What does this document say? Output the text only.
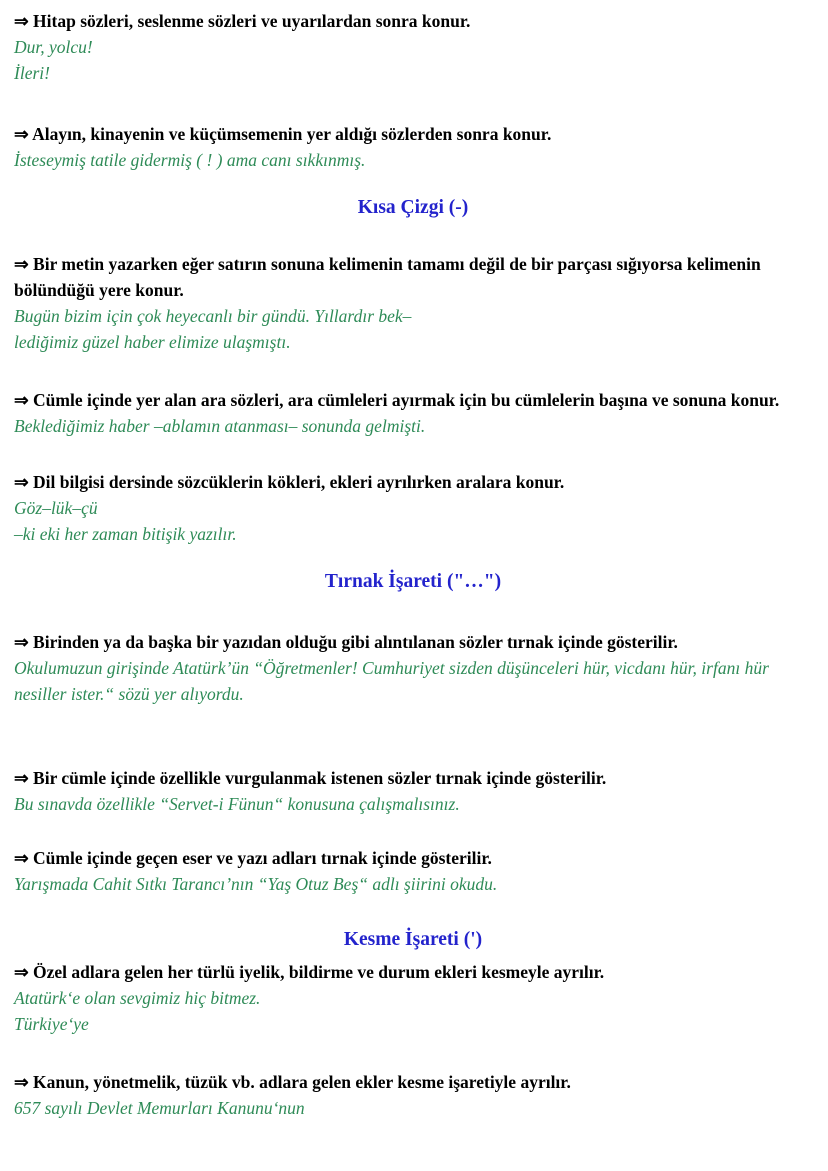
⇒ Hitap sözleri, seslenme sözleri ve uyarılardan sonra konur.

Dur, yolcu!

İleri!

⇒ Alayın, kinayenin ve küçümsemenin yer aldığı sözlerden sonra konur.

İsteseymiş tatile gidermiş ( ! ) ama canı sıkkınmış.

Kısa Çizgi (-)

⇒ Bir metin yazarken eğer satırın sonuna kelimenin tamamı değil de bir parçası sığıyorsa kelimenin bölündüğü yere konur.

Bugün bizim için çok heyecanlı bir gündü. Yıllardır bek–

lediğimiz güzel haber elimize ulaşmıştı.

⇒ Cümle içinde yer alan ara sözleri, ara cümleleri ayırmak için bu cümlelerin başına ve sonuna konur.

Beklediğimiz haber –ablamın atanması– sonunda gelmişti.

⇒ Dil bilgisi dersinde sözcüklerin kökleri, ekleri ayrılırken aralara konur.

Göz–lük–çü

–ki eki her zaman bitişik yazılır.

Tırnak İşareti ("…")

⇒ Birinden ya da başka bir yazıdan olduğu gibi alıntılanan sözler tırnak içinde gösterilir.

Okulumuzun girişinde Atatürk’ün “Öğretmenler! Cumhuriyet sizden düşünceleri hür, vicdanı hür, irfanı hür nesiller ister.“ sözü yer alıyordu.

⇒ Bir cümle içinde özellikle vurgulanmak istenen sözler tırnak içinde gösterilir.

Bu sınavda özellikle “Servet-i Fünun“ konusuna çalışmalısınız.

⇒ Cümle içinde geçen eser ve yazı adları tırnak içinde gösterilir.

Yarışmada Cahit Sıtkı Tarancı’nın “Yaş Otuz Beş“ adlı şiirini okudu.

Kesme İşareti (')

⇒ Özel adlara gelen her türlü iyelik, bildirme ve durum ekleri kesmeyle ayrılır.

Atatürk‘e olan sevgimiz hiç bitmez.

Türkiye‘ye

⇒ Kanun, yönetmelik, tüzük vb. adlara gelen ekler kesme işaretiyle ayrılır.

657 sayılı Devlet Memurları Kanunu‘nun
